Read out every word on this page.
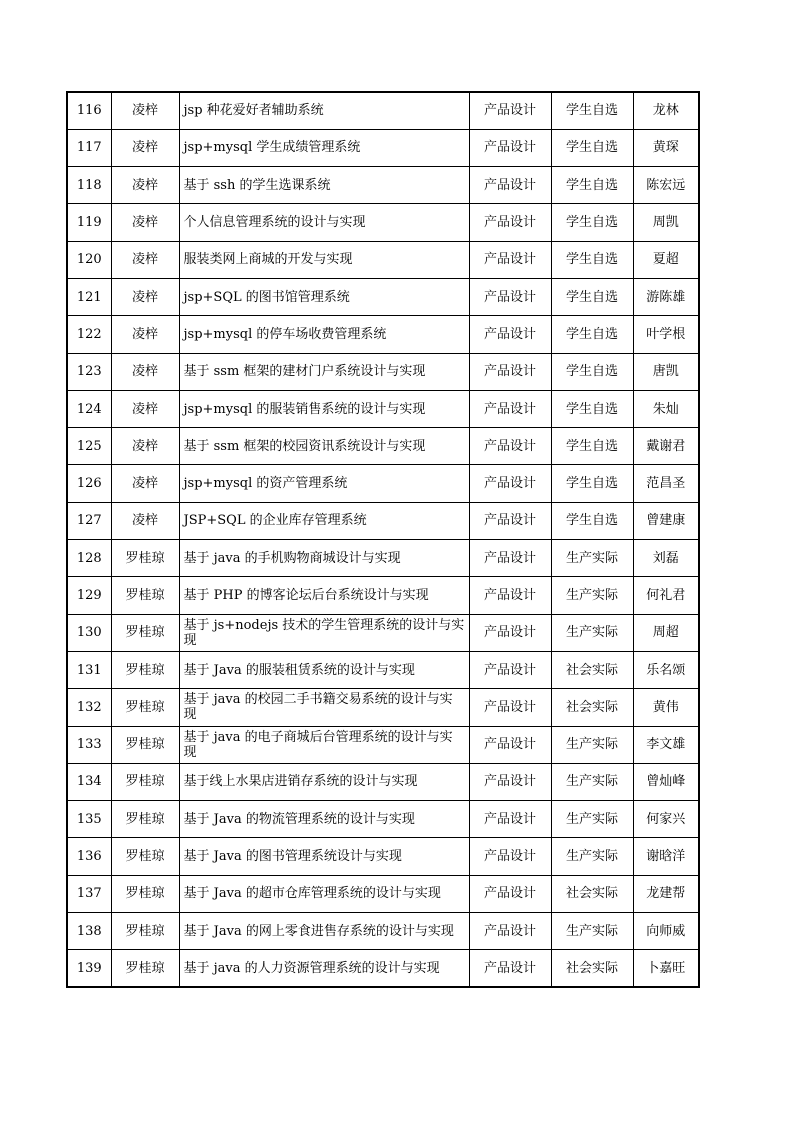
116	凌梓	jsp 种花爱好者辅助系统	产品设计	学生自选	龙林
117	凌梓	jsp+mysql 学生成绩管理系统	产品设计	学生自选	黄琛
118	凌梓	基于 ssh 的学生选课系统	产品设计	学生自选	陈宏远
119	凌梓	个人信息管理系统的设计与实现	产品设计	学生自选	周凯
120	凌梓	服装类网上商城的开发与实现	产品设计	学生自选	夏超
121	凌梓	jsp+SQL 的图书馆管理系统	产品设计	学生自选	游陈雄
122	凌梓	jsp+mysql 的停车场收费管理系统	产品设计	学生自选	叶学根
123	凌梓	基于 ssm 框架的建材门户系统设计与实现	产品设计	学生自选	唐凯
124	凌梓	jsp+mysql 的服装销售系统的设计与实现	产品设计	学生自选	朱灿
125	凌梓	基于 ssm 框架的校园资讯系统设计与实现	产品设计	学生自选	戴谢君
126	凌梓	jsp+mysql 的资产管理系统	产品设计	学生自选	范昌圣
127	凌梓	JSP+SQL 的企业库存管理系统	产品设计	学生自选	曾建康
128	罗桂琼	基于 java 的手机购物商城设计与实现	产品设计	生产实际	刘磊
129	罗桂琼	基于 PHP 的博客论坛后台系统设计与实现	产品设计	生产实际	何礼君
130	罗桂琼	基于 js+nodejs 技术的学生管理系统的设计与实现	产品设计	生产实际	周超
131	罗桂琼	基于 Java 的服装租赁系统的设计与实现	产品设计	社会实际	乐名颂
132	罗桂琼	基于 java 的校园二手书籍交易系统的设计与实现	产品设计	社会实际	黄伟
133	罗桂琼	基于 java 的电子商城后台管理系统的设计与实现	产品设计	生产实际	李文雄
134	罗桂琼	基于线上水果店进销存系统的设计与实现	产品设计	生产实际	曾灿峰
135	罗桂琼	基于 Java 的物流管理系统的设计与实现	产品设计	生产实际	何家兴
136	罗桂琼	基于 Java 的图书管理系统设计与实现	产品设计	生产实际	谢晗洋
137	罗桂琼	基于 Java 的超市仓库管理系统的设计与实现	产品设计	社会实际	龙建帮
138	罗桂琼	基于 Java 的网上零食进售存系统的设计与实现	产品设计	生产实际	向师威
139	罗桂琼	基于 java 的人力资源管理系统的设计与实现	产品设计	社会实际	卜嘉旺
